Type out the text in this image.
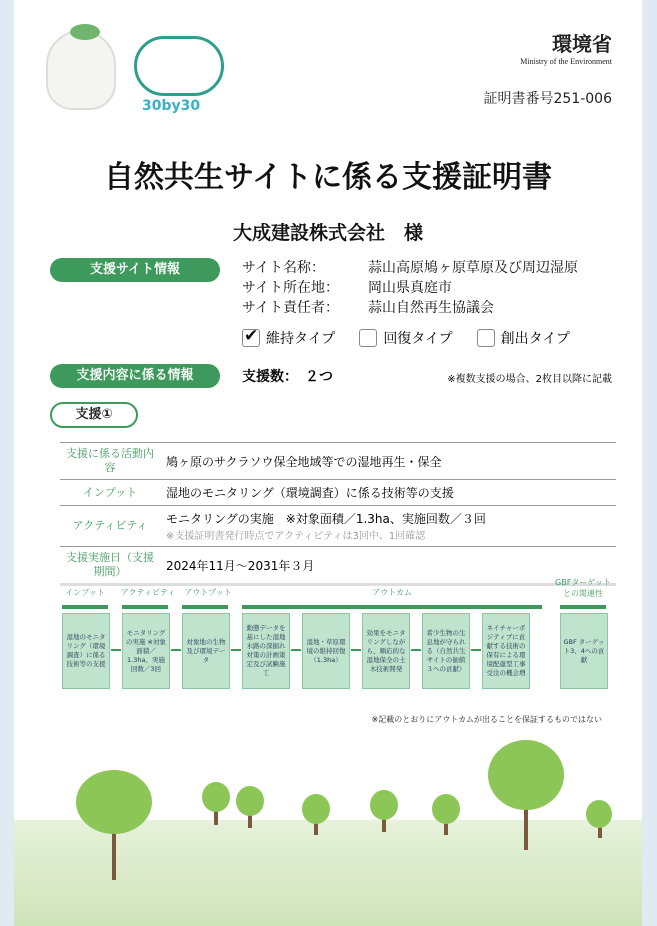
30by30
環境省
Ministry of the Environment
証明書番号251-006
自然共生サイトに係る支援証明書
大成建設株式会社　様
支援サイト情報	サイト名称：	蒜山高原鳩ヶ原草原及び周辺湿原
サイト所在地：	岡山県真庭市
サイト責任者：	蒜山自然再生協議会
✔
維持タイプ	回復タイプ	創出タイプ
支援内容に係る情報	支援数：　２つ	※複数支援の場合、2枚目以降に記載
支援①
支援に係る活動内容	鳩ヶ原のサクラソウ保全地域等での湿地再生・保全
インプット	湿地のモニタリング（環境調査）に係る技術等の支援
アクティビティ	モニタリングの実施　※対象面積／1.3ha、実施回数／３回
※支援証明書発行時点でアクティビティは3回中、1回確認

支援実施日（支援期間）	2024年11月～2031年３月
インプット	アクティビティ	アウトプット	アウトカム
GBFターゲットとの関連性
湿地のモニタリング（環境調査）に係る技術等の支援
モニタリングの実施 ※対象面積／1.3ha、実施回数／3回
対象地の生物及び環境データ
動態データを基にした湿地水路の深掘れ対策の計画策定及び試験施工
湿地・草原環境の維持回復（1.3ha）
効果をモニタリングしながら、順応的な湿地保全の土木技術開発
希少生物の生息地が守られる（自然共生サイトの価値３への貢献）
ネイチャーポジティブに貢献する技術の保有による環境配慮型工事受注の機会増
GBF ターゲット3、4への貢献
※記載のとおりにアウトカムが出ることを保証するものではない
